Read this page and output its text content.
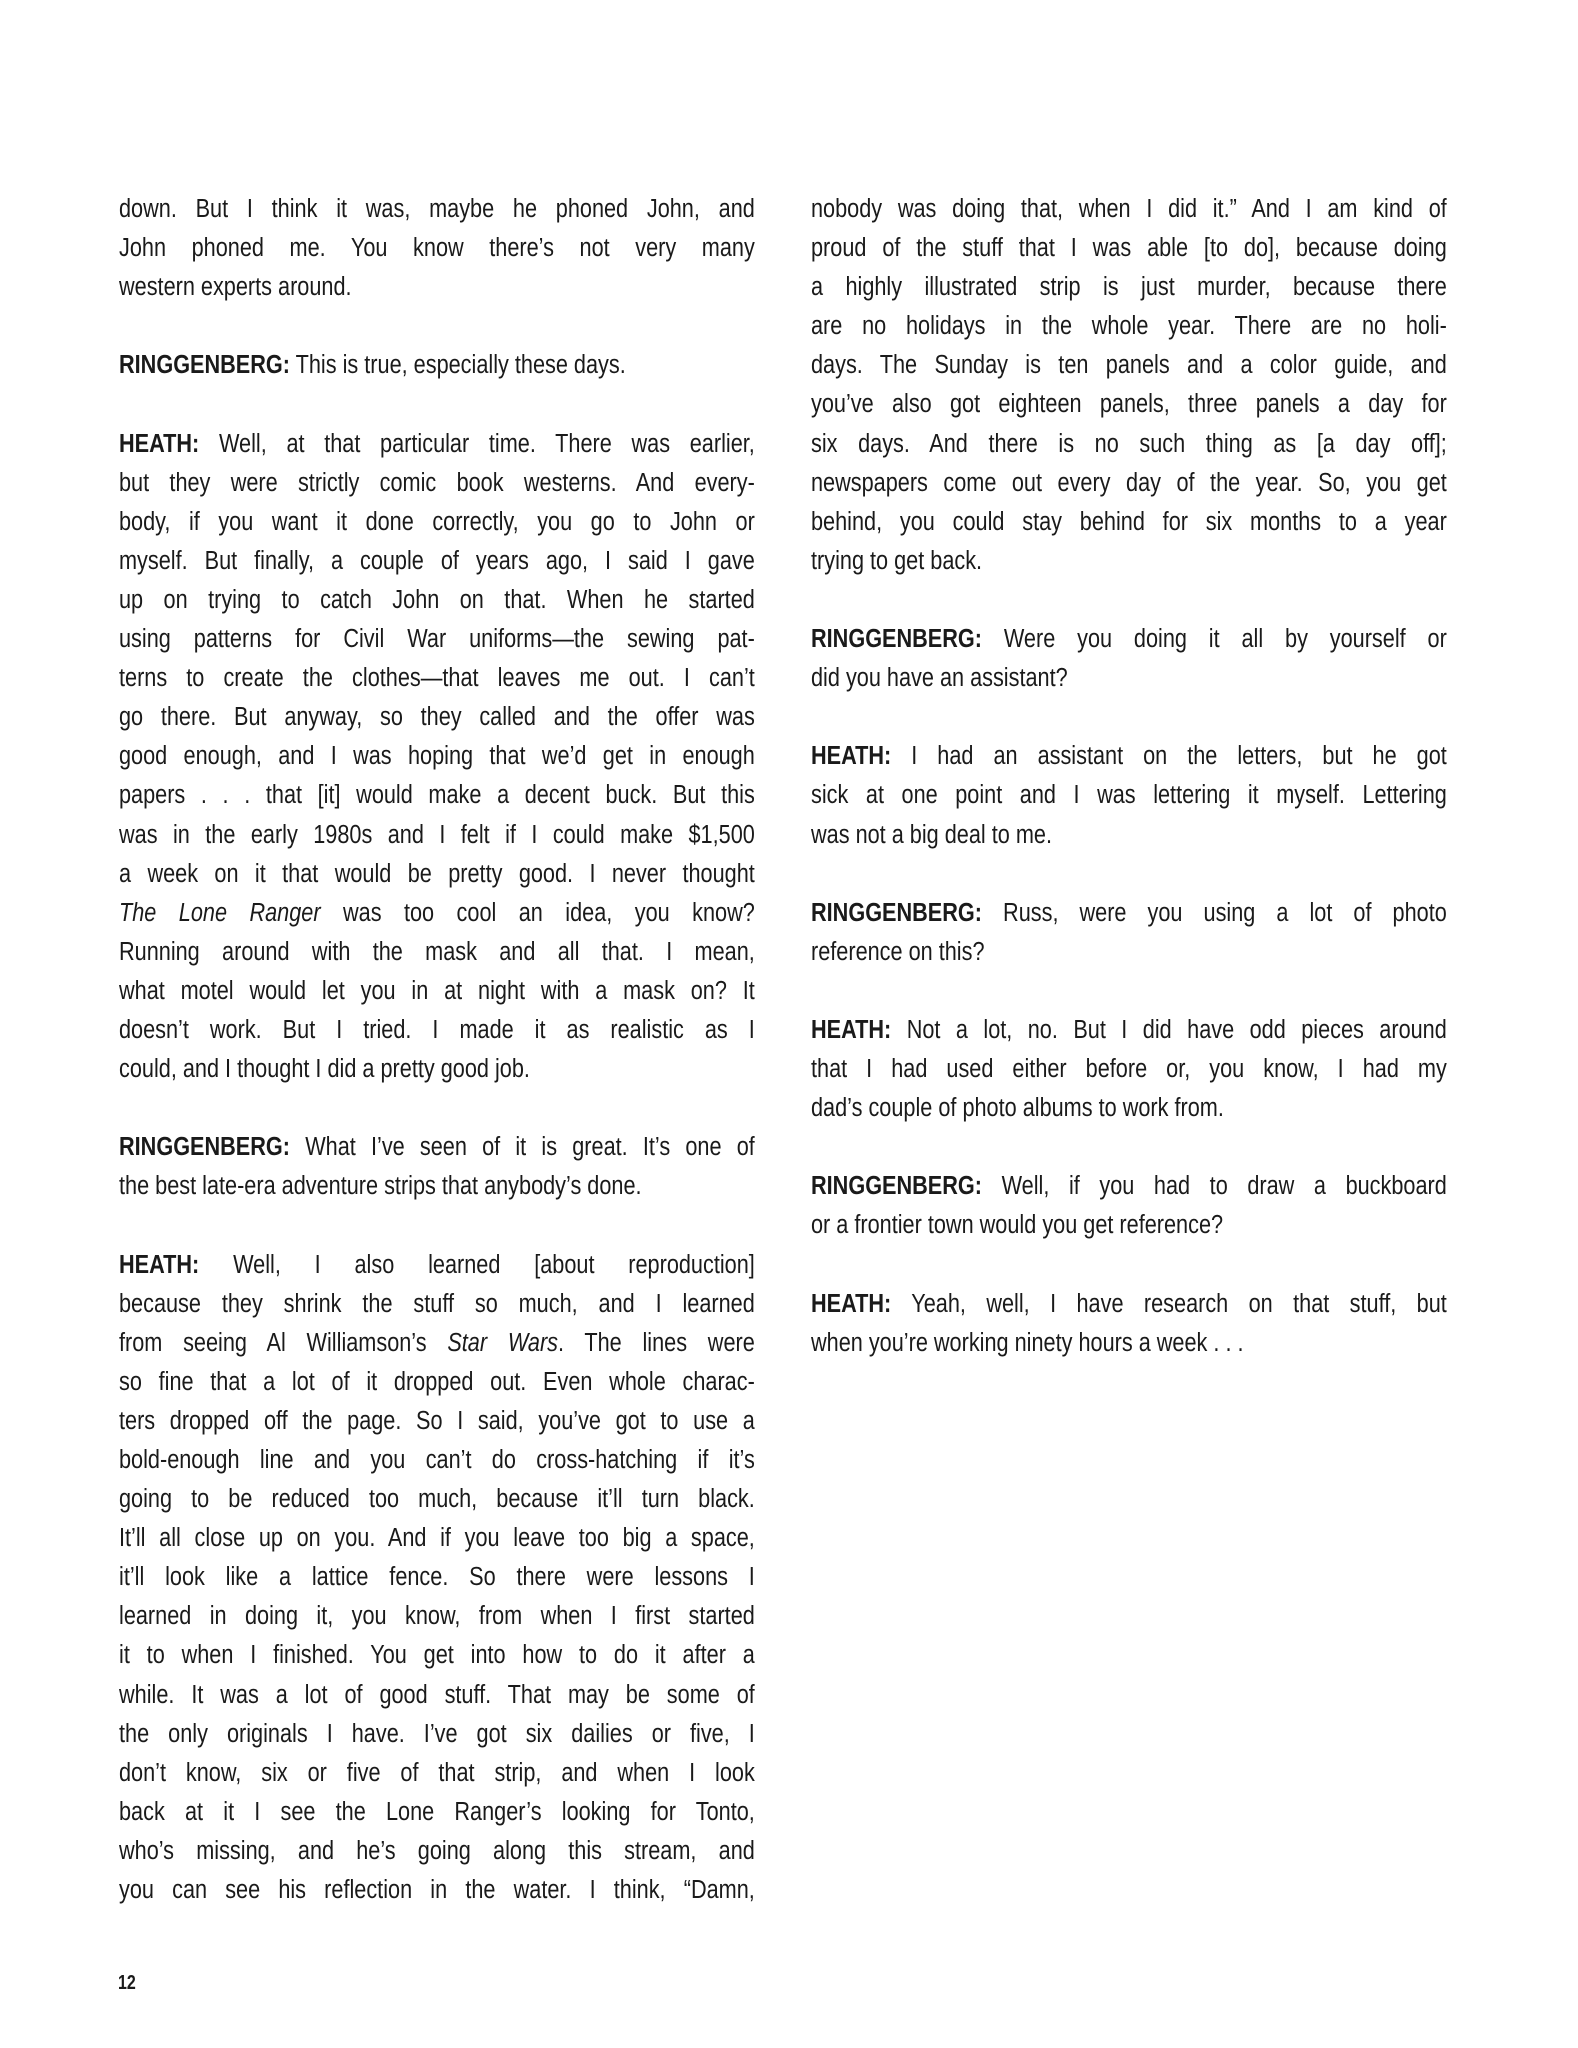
down. But I think it was, maybe he phoned John, and
John phoned me. You know there’s not very many
western experts around.

RINGGENBERG: This is true, especially these days.

HEATH: Well, at that particular time. There was earlier,
but they were strictly comic book westerns. And every-
body, if you want it done correctly, you go to John or
myself. But finally, a couple of years ago, I said I gave
up on trying to catch John on that. When he started
using patterns for Civil War uniforms—the sewing pat-
terns to create the clothes—that leaves me out. I can’t
go there. But anyway, so they called and the offer was
good enough, and I was hoping that we’d get in enough
papers . . . that [it] would make a decent buck. But this
was in the early 1980s and I felt if I could make $1,500
a week on it that would be pretty good. I never thought
The Lone Ranger was too cool an idea, you know?
Running around with the mask and all that. I mean,
what motel would let you in at night with a mask on? It
doesn’t work. But I tried. I made it as realistic as I
could, and I thought I did a pretty good job.

RINGGENBERG: What I’ve seen of it is great. It’s one of
the best late-era adventure strips that anybody’s done.

HEATH: Well, I also learned [about reproduction]
because they shrink the stuff so much, and I learned
from seeing Al Williamson’s Star Wars. The lines were
so fine that a lot of it dropped out. Even whole charac-
ters dropped off the page. So I said, you’ve got to use a
bold-enough line and you can’t do cross-hatching if it’s
going to be reduced too much, because it’ll turn black.
It’ll all close up on you. And if you leave too big a space,
it’ll look like a lattice fence. So there were lessons I
learned in doing it, you know, from when I first started
it to when I finished. You get into how to do it after a
while. It was a lot of good stuff. That may be some of
the only originals I have. I’ve got six dailies or five, I
don’t know, six or five of that strip, and when I look
back at it I see the Lone Ranger’s looking for Tonto,
who’s missing, and he’s going along this stream, and
you can see his reflection in the water. I think, “Damn,
nobody was doing that, when I did it.” And I am kind of
proud of the stuff that I was able [to do], because doing
a highly illustrated strip is just murder, because there
are no holidays in the whole year. There are no holi-
days. The Sunday is ten panels and a color guide, and
you’ve also got eighteen panels, three panels a day for
six days. And there is no such thing as [a day off];
newspapers come out every day of the year. So, you get
behind, you could stay behind for six months to a year
trying to get back.

RINGGENBERG: Were you doing it all by yourself or
did you have an assistant?

HEATH: I had an assistant on the letters, but he got
sick at one point and I was lettering it myself. Lettering
was not a big deal to me.

RINGGENBERG: Russ, were you using a lot of photo
reference on this?

HEATH: Not a lot, no. But I did have odd pieces around
that I had used either before or, you know, I had my
dad’s couple of photo albums to work from.

RINGGENBERG: Well, if you had to draw a buckboard
or a frontier town would you get reference?

HEATH: Yeah, well, I have research on that stuff, but
when you’re working ninety hours a week . . .
12
